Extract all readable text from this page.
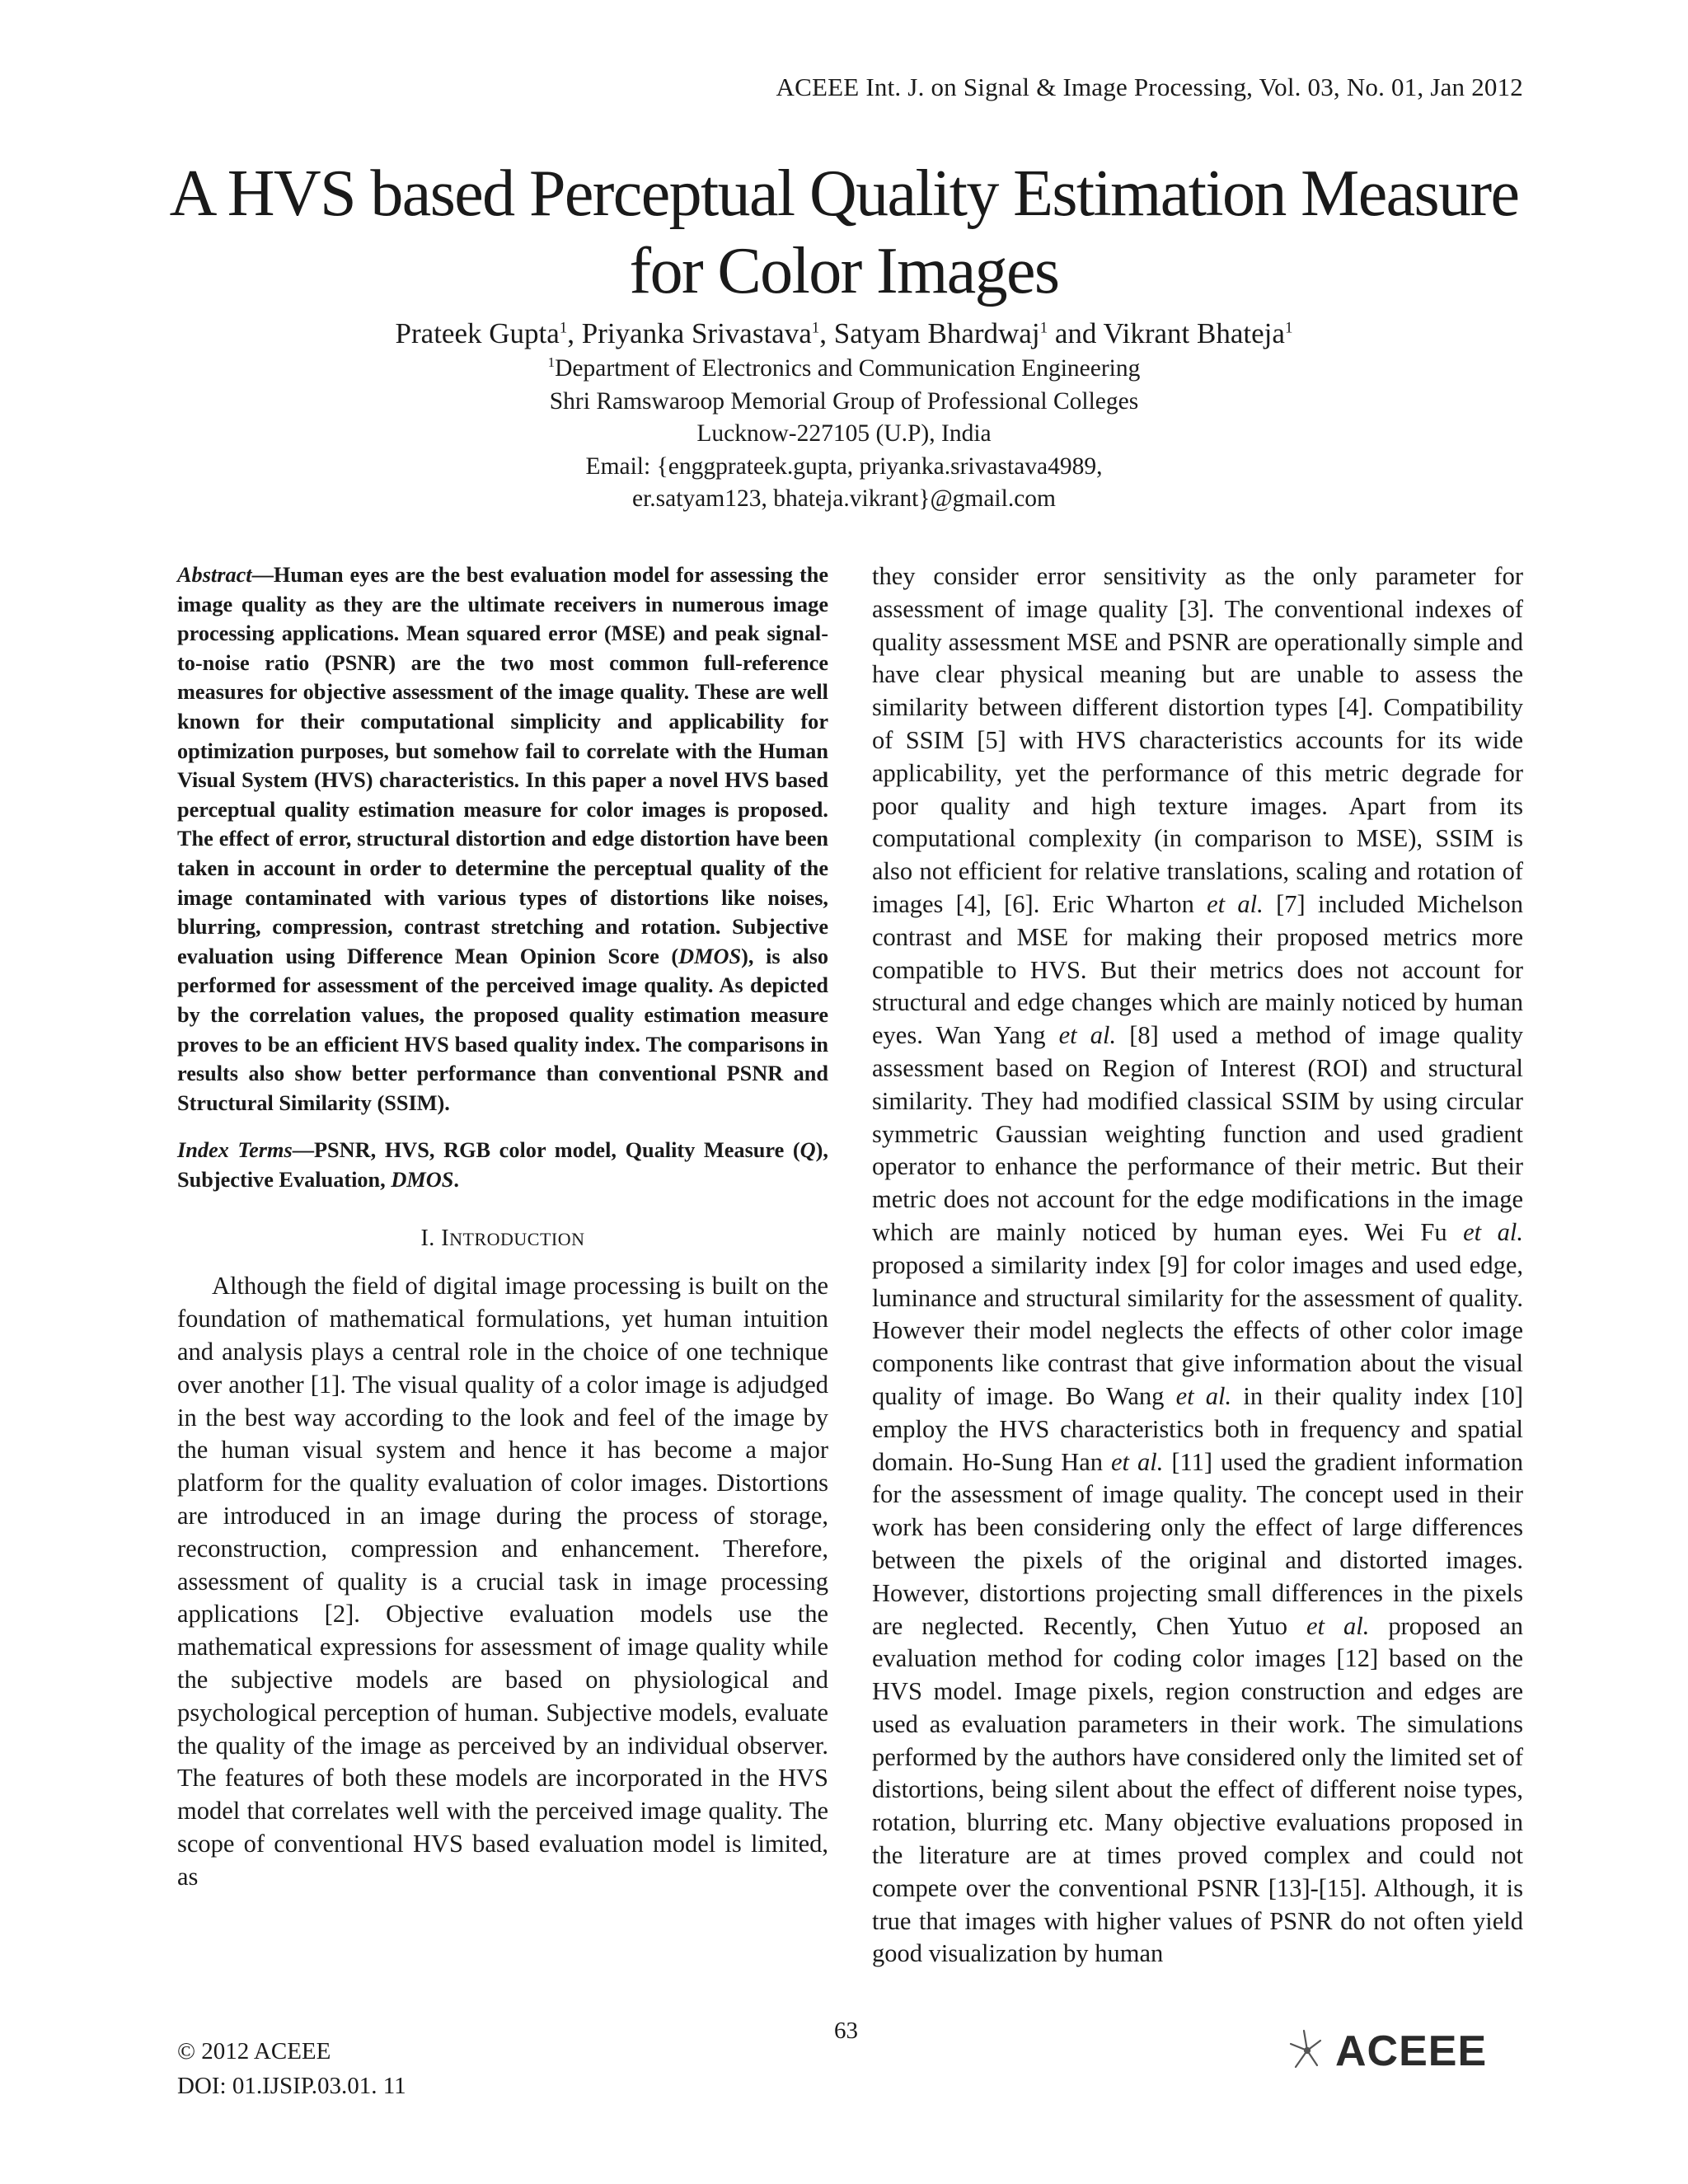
ACEEE Int. J. on Signal & Image Processing, Vol. 03, No. 01, Jan 2012
A HVS based Perceptual Quality Estimation Measure
for Color Images
Prateek Gupta$^1$, Priyanka Srivastava$^1$, Satyam Bhardwaj$^1$ and Vikrant Bhateja$^1$
$^1$Department of Electronics and Communication Engineering
Shri Ramswaroop Memorial Group of Professional Colleges
Lucknow-227105 (U.P), India
Email: {enggprateek.gupta, priyanka.srivastava4989,
er.satyam123, bhateja.vikrant}@gmail.com

Abstract—Human eyes are the best evaluation model for assessing the image quality as they are the ultimate receivers in numerous image processing applications. Mean squared error (MSE) and peak signal-to-noise ratio (PSNR) are the two most common full-reference measures for objective assessment of the image quality. These are well known for their computational simplicity and applicability for optimization purposes, but somehow fail to correlate with the Human Visual System (HVS) characteristics. In this paper a novel HVS based perceptual quality estimation measure for color images is proposed. The effect of error, structural distortion and edge distortion have been taken in account in order to determine the perceptual quality of the image contaminated with various types of distortions like noises, blurring, compression, contrast stretching and rotation. Subjective evaluation using Difference Mean Opinion Score (DMOS), is also performed for assessment of the perceived image quality. As depicted by the correlation values, the proposed quality estimation measure proves to be an efficient HVS based quality index. The comparisons in results also show better performance than conventional PSNR and Structural Similarity (SSIM).

Index Terms—PSNR, HVS, RGB color model, Quality Measure (Q), Subjective Evaluation, DMOS.

I. INTRODUCTION

Although the field of digital image processing is built on the foundation of mathematical formulations, yet human intuition and analysis plays a central role in the choice of one technique over another [1]. The visual quality of a color image is adjudged in the best way according to the look and feel of the image by the human visual system and hence it has become a major platform for the quality evaluation of color images. Distortions are introduced in an image during the process of storage, reconstruction, compression and enhancement. Therefore, assessment of quality is a crucial task in image processing applications [2]. Objective evaluation models use the mathematical expressions for assessment of image quality while the subjective models are based on physiological and psychological perception of human. Subjective models, evaluate the quality of the image as perceived by an individual observer. The features of both these models are incorporated in the HVS model that correlates well with the perceived image quality. The scope of conventional HVS based evaluation model is limited, as

they consider error sensitivity as the only parameter for assessment of image quality [3]. The conventional indexes of quality assessment MSE and PSNR are operationally simple and have clear physical meaning but are unable to assess the similarity between different distortion types [4]. Compatibility of SSIM [5] with HVS characteristics accounts for its wide applicability, yet the performance of this metric degrade for poor quality and high texture images. Apart from its computational complexity (in comparison to MSE), SSIM is also not efficient for relative translations, scaling and rotation of images [4], [6]. Eric Wharton et al. [7] included Michelson contrast and MSE for making their proposed metrics more compatible to HVS. But their metrics does not account for structural and edge changes which are mainly noticed by human eyes. Wan Yang et al. [8] used a method of image quality assessment based on Region of Interest (ROI) and structural similarity. They had modified classical SSIM by using circular symmetric Gaussian weighting function and used gradient operator to enhance the performance of their metric. But their metric does not account for the edge modifications in the image which are mainly noticed by human eyes. Wei Fu et al. proposed a similarity index [9] for color images and used edge, luminance and structural similarity for the assessment of quality. However their model neglects the effects of other color image components like contrast that give information about the visual quality of image. Bo Wang et al. in their quality index [10] employ the HVS characteristics both in frequency and spatial domain. Ho-Sung Han et al. [11] used the gradient information for the assessment of image quality. The concept used in their work has been considering only the effect of large differences between the pixels of the original and distorted images. However, distortions projecting small differences in the pixels are neglected. Recently, Chen Yutuo et al. proposed an evaluation method for coding color images [12] based on the HVS model. Image pixels, region construction and edges are used as evaluation parameters in their work. The simulations performed by the authors have considered only the limited set of distortions, being silent about the effect of different noise types, rotation, blurring etc. Many objective evaluations proposed in the literature are at times proved complex and could not compete over the conventional PSNR [13]-[15]. Although, it is true that images with higher values of PSNR do not often yield good visualization by human

© 2012 ACEEE
DOI: 01.IJSIP.03.01. 11
63	ACEEE
